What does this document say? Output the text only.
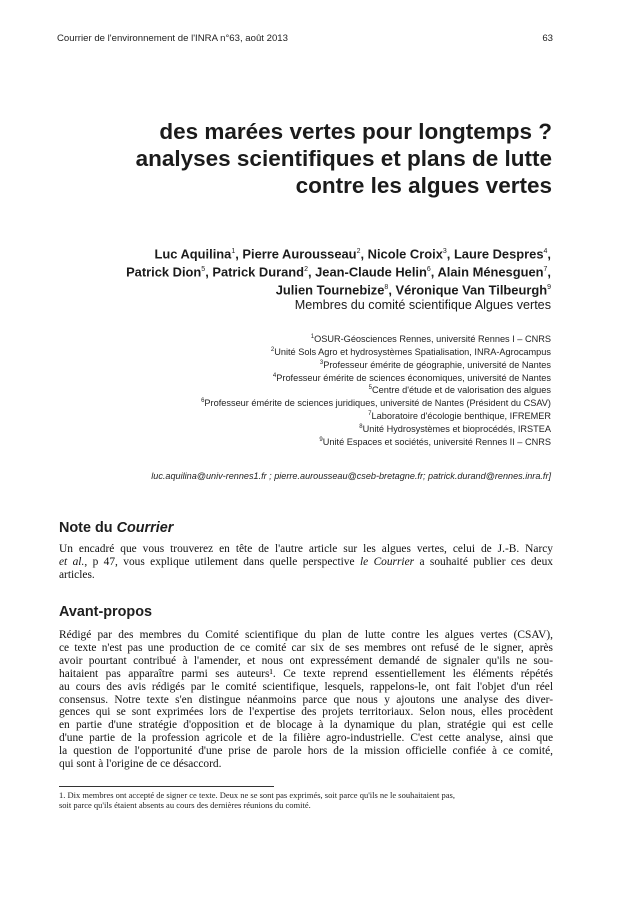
Courrier de l'environnement de l'INRA n°63, août 2013	63
des marées vertes pour longtemps ?
analyses scientifiques et plans de lutte
contre les algues vertes
Luc Aquilina$^1$, Pierre Aurousseau$^2$, Nicole Croix$^3$, Laure Despres$^4$,
Patrick Dion$^5$, Patrick Durand$^2$, Jean-Claude Helin$^6$, Alain Ménesguen$^7$,
Julien Tournebize$^8$, Véronique Van Tilbeurgh$^9$
Membres du comité scientifique Algues vertes
$^1$OSUR-Géosciences Rennes, université Rennes I – CNRS
$^2$Unité Sols Agro et hydrosystèmes Spatialisation, INRA-Agrocampus
$^3$Professeur émérite de géographie, université de Nantes
$^4$Professeur émérite de sciences économiques, université de Nantes
$^5$Centre d'étude et de valorisation des algues
$^6$Professeur émérite de sciences juridiques, université de Nantes (Président du CSAV)
$^7$Laboratoire d'écologie benthique, IFREMER
$^8$Unité Hydrosystèmes et bioprocédés, IRSTEA
$^9$Unité Espaces et sociétés, université Rennes II – CNRS
luc.aquilina@univ-rennes1.fr ; pierre.aurousseau@cseb-bretagne.fr; patrick.durand@rennes.inra.fr]
Note du Courrier
Un encadré que vous trouverez en tête de l'autre article sur les algues vertes, celui de J.-B. Narcy
et al., p 47, vous explique utilement dans quelle perspective le Courrier a souhaité publier ces deux
articles.
Avant-propos
Rédigé par des membres du Comité scientifique du plan de lutte contre les algues vertes (CSAV),
ce texte n'est pas une production de ce comité car six de ses membres ont refusé de le signer, après
avoir pourtant contribué à l'amender, et nous ont expressément demandé de signaler qu'ils ne sou-
haitaient pas apparaître parmi ses auteurs¹. Ce texte reprend essentiellement les éléments répétés
au cours des avis rédigés par le comité scientifique, lesquels, rappelons-le, ont fait l'objet d'un réel
consensus. Notre texte s'en distingue néanmoins parce que nous y ajoutons une analyse des diver-
gences qui se sont exprimées lors de l'expertise des projets territoriaux. Selon nous, elles procèdent
en partie d'une stratégie d'opposition et de blocage à la dynamique du plan, stratégie qui est celle
d'une partie de la profession agricole et de la filière agro-industrielle. C'est cette analyse, ainsi que
la question de l'opportunité d'une prise de parole hors de la mission officielle confiée à ce comité,
qui sont à l'origine de ce désaccord.
1. Dix membres ont accepté de signer ce texte. Deux ne se sont pas exprimés, soit parce qu'ils ne le souhaitaient pas,
soit parce qu'ils étaient absents au cours des dernières réunions du comité.
